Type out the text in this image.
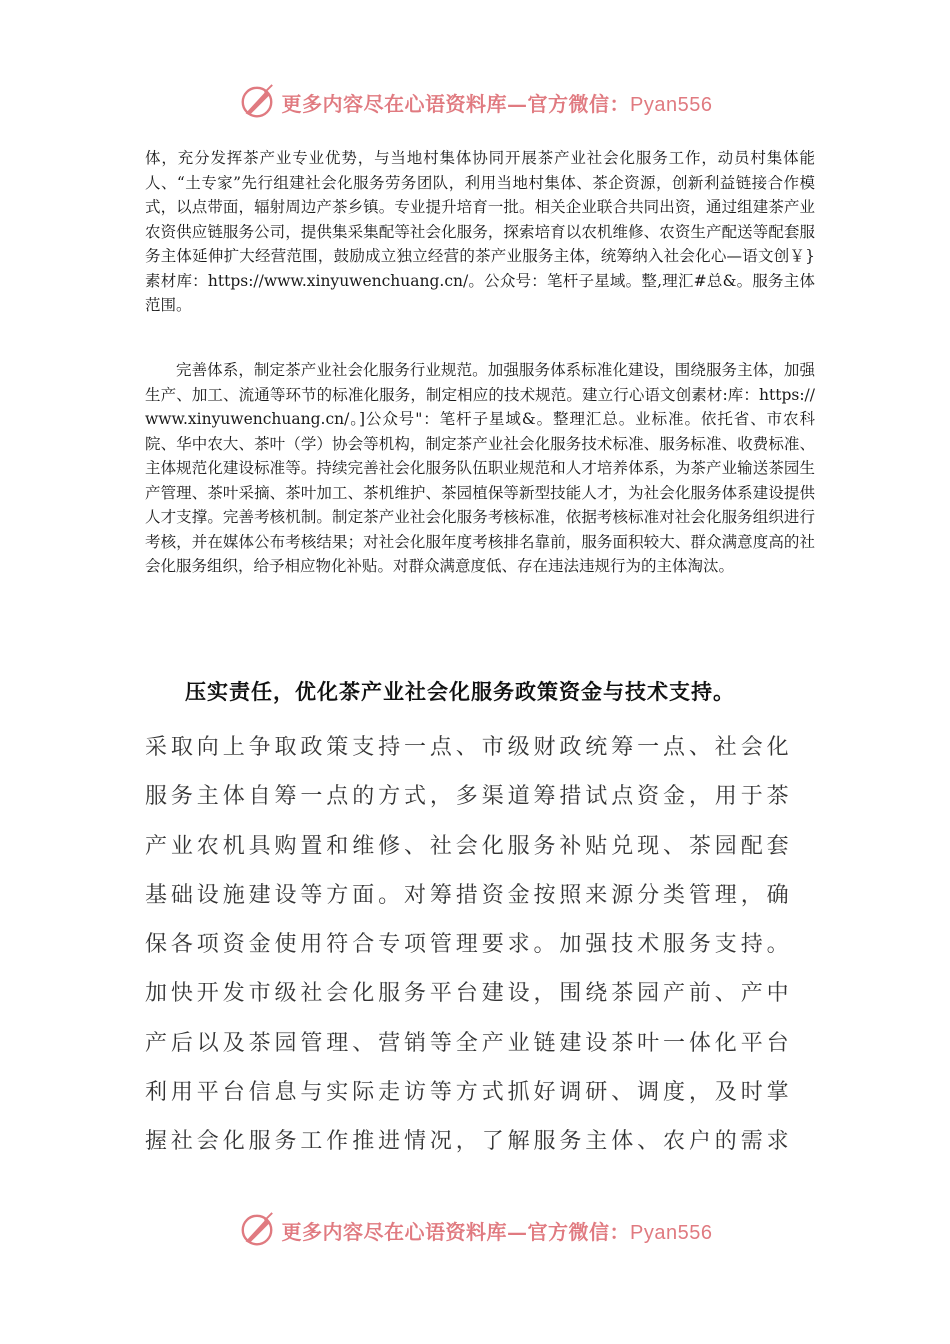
更多内容尽在心语资料库—官方微信：Pyan556

体，充分发挥茶产业专业优势，与当地村集体协同开展茶产业社会化服务工作，动员村集体能人、“土专家”先行组建社会化服务劳务团队，利用当地村集体、茶企资源，创新利益链接合作模式，以点带面，辐射周边产茶乡镇。专业提升培育一批。相关企业联合共同出资，通过组建茶产业农资供应链服务公司，提供集采集配等社会化服务，探索培育以农机维修、农资生产配送等配套服务主体延伸扩大经营范围，鼓励成立独立经营的茶产业服务主体，统筹纳入社会化心—语文创￥}素材库：https://www.xinyuwenchuang.cn/。公众号：笔杆子星域。整,理汇#总&。服务主体范围。

完善体系，制定茶产业社会化服务行业规范。加强服务体系标准化建设，围绕服务主体，加强生产、加工、流通等环节的标准化服务，制定相应的技术规范。建立行心语文创素材:库：https://www.xinyuwenchuang.cn/。]公众号"：笔杆子星域&。整理汇总。业标准。依托省、市农科院、华中农大、茶叶（学）协会等机构，制定茶产业社会化服务技术标准、服务标准、收费标准、主体规范化建设标准等。持续完善社会化服务队伍职业规范和人才培养体系，为茶产业输送茶园生产管理、茶叶采摘、茶叶加工、茶机维护、茶园植保等新型技能人才，为社会化服务体系建设提供人才支撑。完善考核机制。制定茶产业社会化服务考核标准，依据考核标准对社会化服务组织进行考核，并在媒体公布考核结果；对社会化服年度考核排名靠前，服务面积较大、群众满意度高的社会化服务组织，给予相应物化补贴。对群众满意度低、存在违法违规行为的主体淘汰。

压实责任，优化茶产业社会化服务政策资金与技术支持。

采取向上争取政策支持一点、市级财政统筹一点、社会化服务主体自筹一点的方式，多渠道筹措试点资金，用于茶产业农机具购置和维修、社会化服务补贴兑现、茶园配套基础设施建设等方面。对筹措资金按照来源分类管理，确保各项资金使用符合专项管理要求。加强技术服务支持。加快开发市级社会化服务平台建设，围绕茶园产前、产中产后以及茶园管理、营销等全产业链建设茶叶一体化平台利用平台信息与实际走访等方式抓好调研、调度，及时掌握社会化服务工作推进情况，了解服务主体、农户的需求

更多内容尽在心语资料库—官方微信：Pyan556
